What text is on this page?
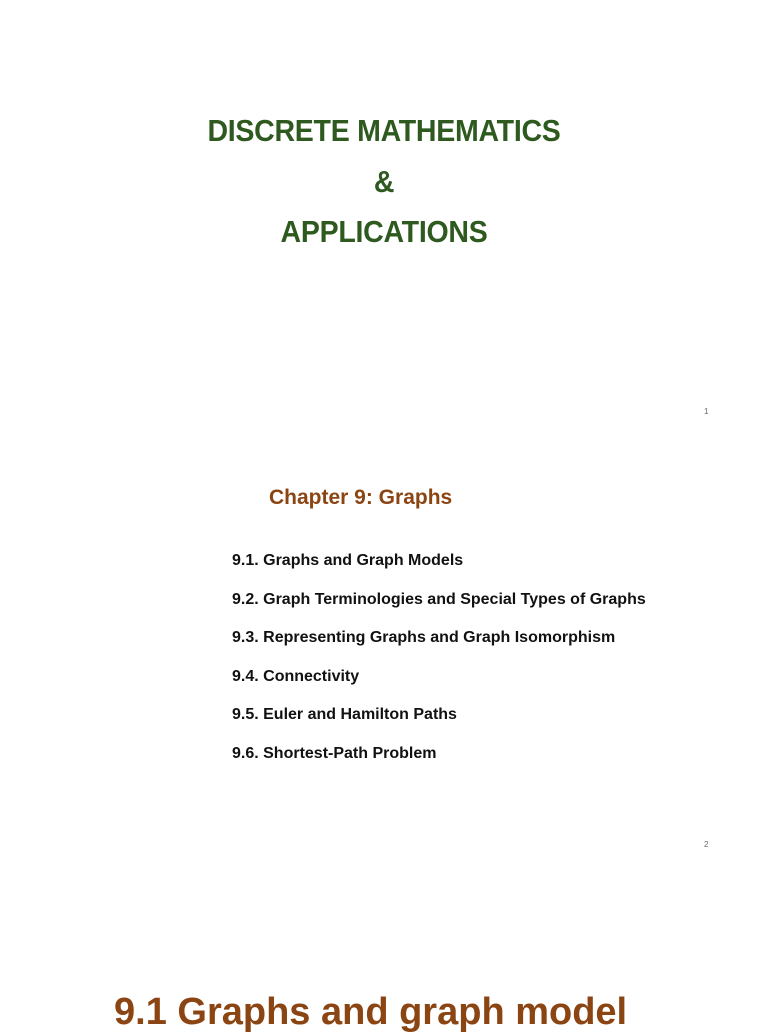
DISCRETE MATHEMATICS
&
APPLICATIONS
1
Chapter 9: Graphs
9.1. Graphs and Graph Models
9.2. Graph Terminologies and Special Types of Graphs
9.3. Representing Graphs and Graph Isomorphism
9.4. Connectivity
9.5. Euler and Hamilton Paths
9.6. Shortest-Path Problem
2
9.1 Graphs and graph model
